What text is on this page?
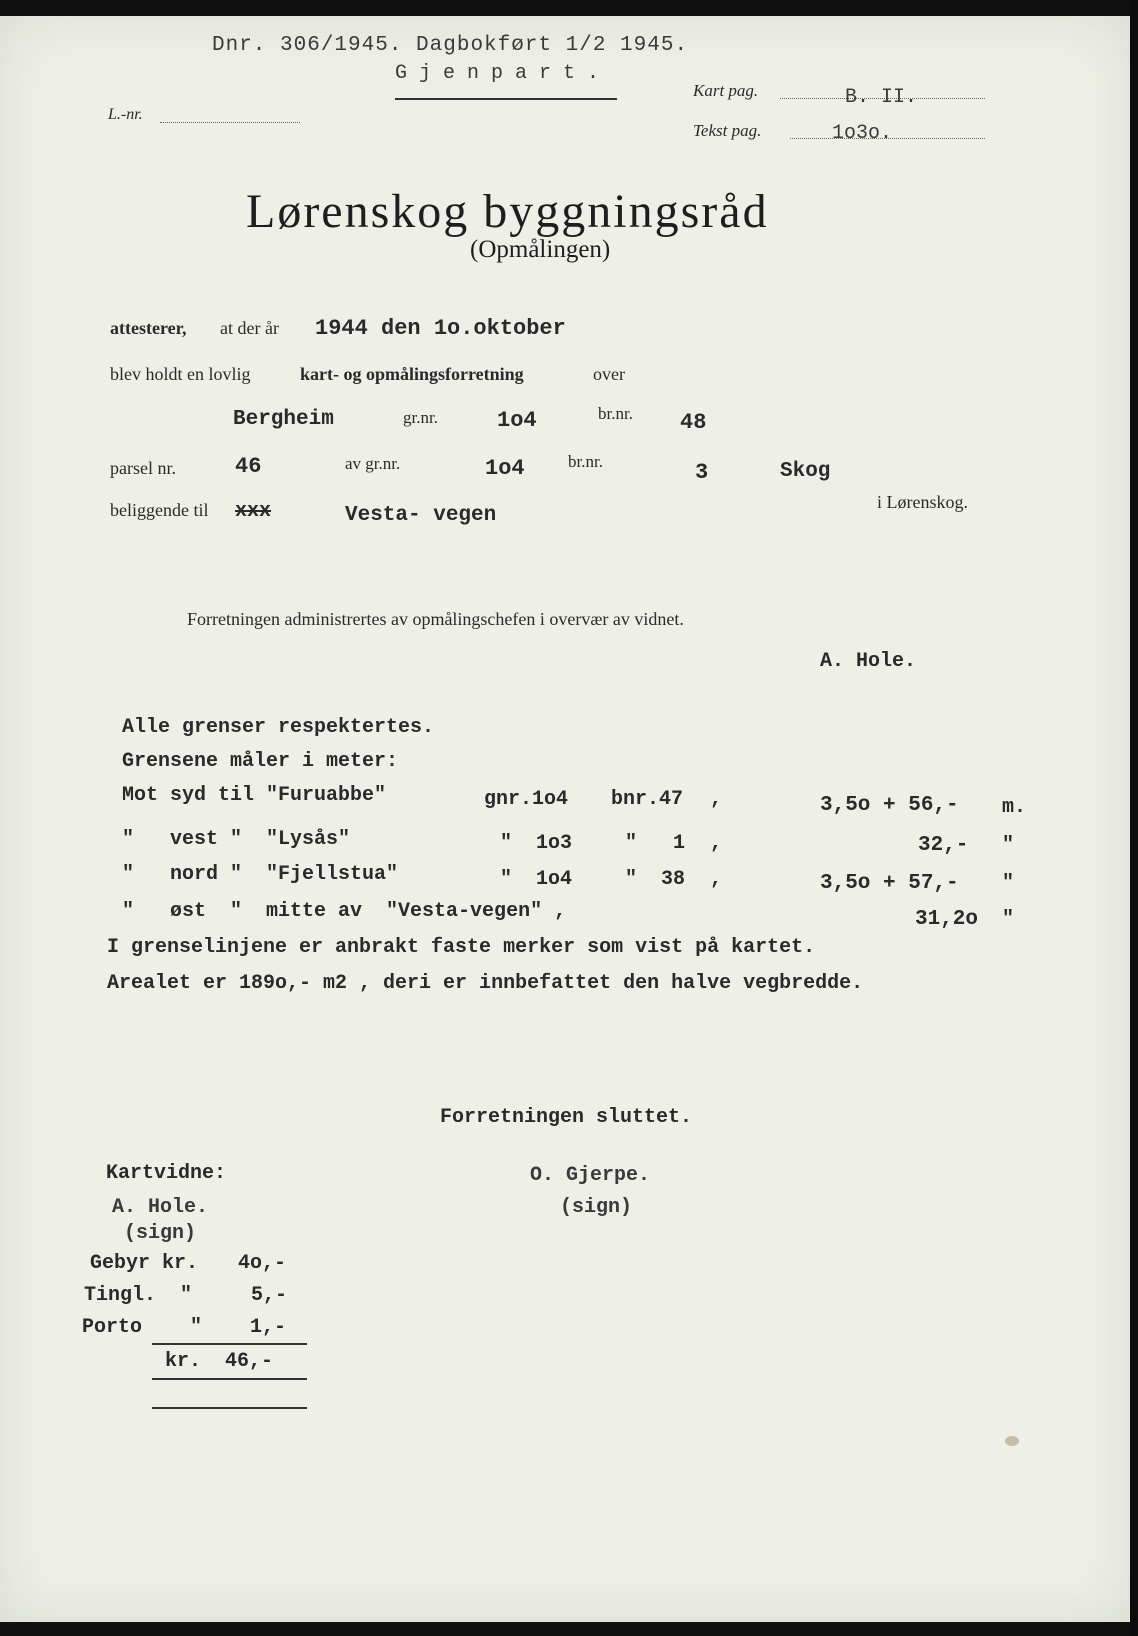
Dnr. 306/1945. Dagbokført 1/2 1945.
G j e n p a r t .
L.-nr.
Kart pag.	B. II.
Tekst pag.	1o3o.
Lørenskog byggningsråd
(Opmålingen)
attesterer, at der år 1944 den 1o.oktober
blev holdt en lovlig	kart- og opmålingsforretning	over
Bergheim	gr.nr.	1o4	br.nr. 48
parsel nr.	46	av gr.nr.	1o4	br.nr.	3	Skog
beliggende til xxx	Vesta- vegen
i Lørenskog.
Forretningen administrertes av opmålingschefen i overvær av vidnet.
A. Hole.
Alle grenser respektertes.
Grensene måler i meter:
Mot syd til "Furuabbe"	gnr.1o4 bnr.47 ,	3,5o + 56,- m.
"   vest "  "Lysås"	"  1o3	"   1 ,	32,- "
"   nord "  "Fjellstua"	"  1o4	"  38 ,	3,5o + 57,- "
"   øst  "  mitte av  "Vesta-vegen" ,	31,2o "
I grenselinjene er anbrakt faste merker som vist på kartet.
Arealet er 189o,- m2 , deri er innbefattet den halve vegbredde.
Forretningen sluttet.
Kartvidne:
A. Hole.
(sign)
O. Gjerpe.
(sign)
Gebyr kr. 4o,-
Tingl.  "	5,-
Porto    " 1,-
kr.  46,-
